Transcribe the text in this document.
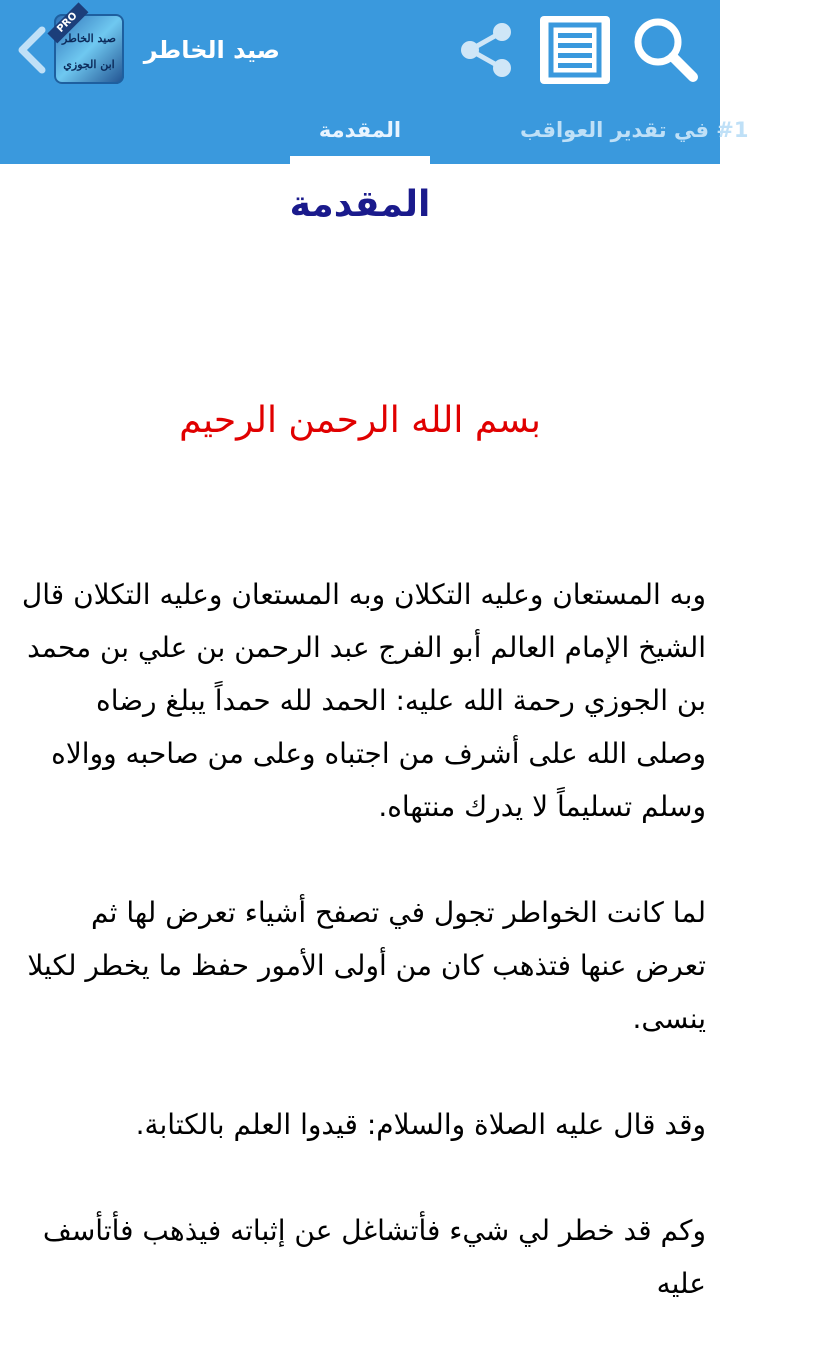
PRO
صيد الخاطر
ابن الجوزي
صيد الخاطر
#1 في تقدير العواقب
المقدمة
المقدمة
بسم الله الرحمن الرحيم

وبه المستعان وعليه التكلان وبه المستعان وعليه التكلان قال الشيخ الإمام العالم أبو الفرج عبد الرحمن بن علي بن محمد بن الجوزي رحمة الله عليه: الحمد لله حمداً يبلغ رضاه وصلى الله على أشرف من اجتباه وعلى من صاحبه ووالاه وسلم تسليماً لا يدرك منتهاه.

لما كانت الخواطر تجول في تصفح أشياء تعرض لها ثم تعرض عنها فتذهب كان من أولى الأمور حفظ ما يخطر لكيلا ينسى.

وقد قال عليه الصلاة والسلام: قيدوا العلم بالكتابة.

وكم قد خطر لي شيء فأتشاغل عن إثباته فيذهب فأتأسف عليه
